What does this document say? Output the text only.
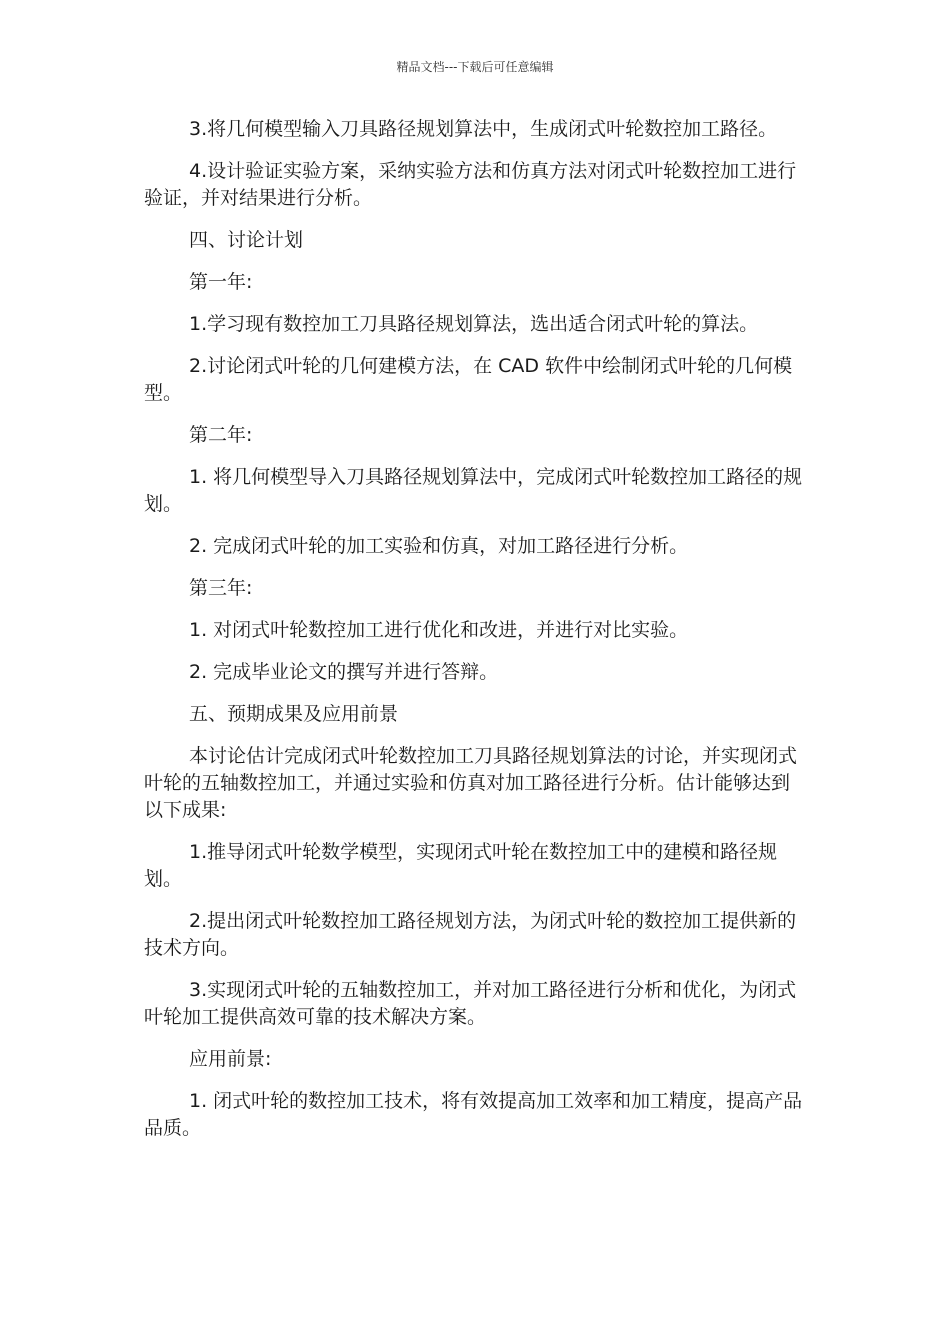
精品文档---下载后可任意编辑

3.将几何模型输入刀具路径规划算法中，生成闭式叶轮数控加工路径。

4.设计验证实验方案，采纳实验方法和仿真方法对闭式叶轮数控加工进行验证，并对结果进行分析。

四、讨论计划

第一年:

1.学习现有数控加工刀具路径规划算法，选出适合闭式叶轮的算法。

2.讨论闭式叶轮的几何建模方法，在 CAD 软件中绘制闭式叶轮的几何模型。

第二年:

1. 将几何模型导入刀具路径规划算法中，完成闭式叶轮数控加工路径的规划。

2. 完成闭式叶轮的加工实验和仿真，对加工路径进行分析。

第三年:

1. 对闭式叶轮数控加工进行优化和改进，并进行对比实验。

2. 完成毕业论文的撰写并进行答辩。

五、预期成果及应用前景

本讨论估计完成闭式叶轮数控加工刀具路径规划算法的讨论，并实现闭式叶轮的五轴数控加工，并通过实验和仿真对加工路径进行分析。估计能够达到以下成果:

1.推导闭式叶轮数学模型，实现闭式叶轮在数控加工中的建模和路径规划。

2.提出闭式叶轮数控加工路径规划方法，为闭式叶轮的数控加工提供新的技术方向。

3.实现闭式叶轮的五轴数控加工，并对加工路径进行分析和优化，为闭式叶轮加工提供高效可靠的技术解决方案。

应用前景:

1. 闭式叶轮的数控加工技术，将有效提高加工效率和加工精度，提高产品品质。
